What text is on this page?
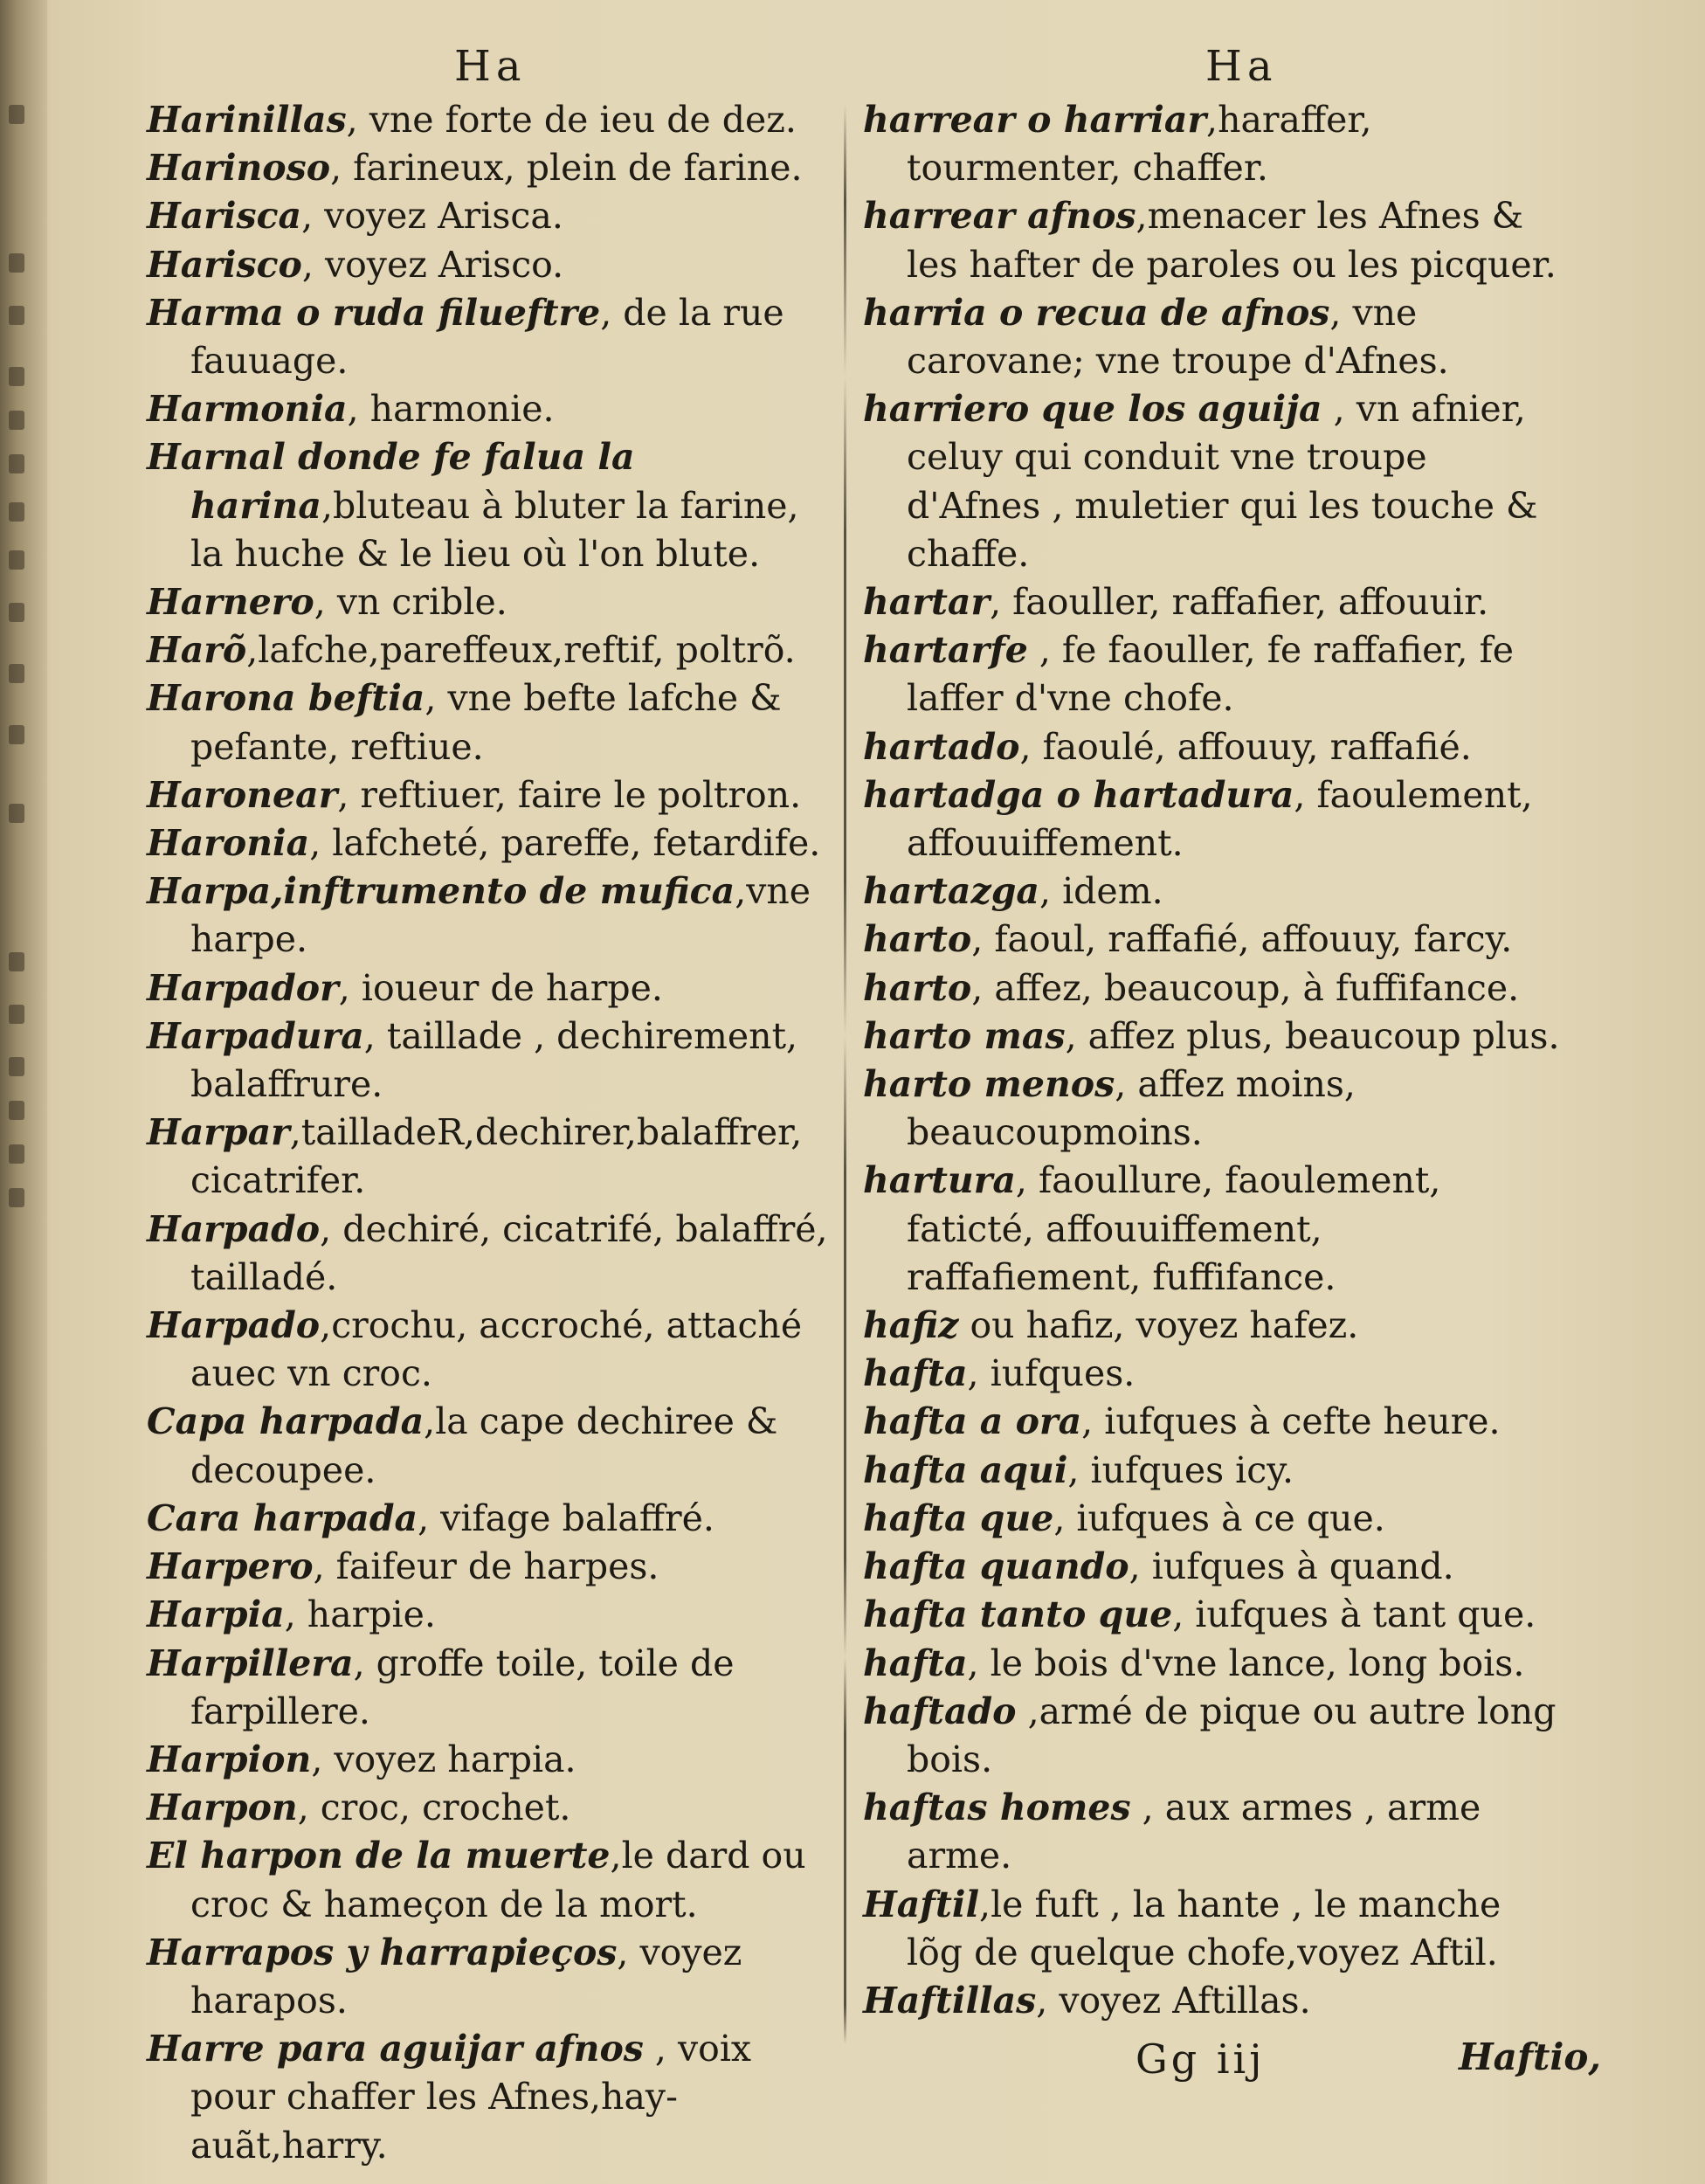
Ha	Ha
Harinillas, vne forte de ieu de dez.
Harinoso, farineux, plein de farine.
Harisca, voyez Arisca.
Harisco, voyez Arisco.
Harma o ruda filueftre, de la rue fauuage.
Harmonia, harmonie.
Harnal donde fe falua la harina,bluteau à bluter la farine, la huche & le lieu où l'on blute.
Harnero, vn crible.
Harõ,lafche,pareffeux,reftif, poltrõ.
Harona beftia, vne befte lafche & pefante, reftiue.
Haronear, reftiuer, faire le poltron.
Haronia, lafcheté, pareffe, fetardife.
Harpa,inftrumento de mufica,vne harpe.
Harpador, ioueur de harpe.
Harpadura, taillade , dechirement, balaffrure.
Harpar,tailladeR,dechirer,balaffrer, cicatrifer.
Harpado, dechiré, cicatrifé, balaffré, tailladé.
Harpado,crochu, accroché, attaché auec vn croc.
Capa harpada,la cape dechiree & decoupee.
Cara harpada, vifage balaffré.
Harpero, faifeur de harpes.
Harpia, harpie.
Harpillera, groffe toile, toile de farpillere.
Harpion, voyez harpia.
Harpon, croc, crochet.
El harpon de la muerte,le dard ou croc & hameçon de la mort.
Harrapos y harrapieços, voyez harapos.
Harre para aguijar afnos , voix pour chaffer les Afnes,hay-auãt,harry.
harrear o harriar,haraffer, tourmenter, chaffer.
harrear afnos,menacer les Afnes & les hafter de paroles ou les picquer.
harria o recua de afnos, vne carovane; vne troupe d'Afnes.
harriero que los aguija , vn afnier, celuy qui conduit vne troupe d'Afnes , muletier qui les touche & chaffe.
hartar, faouller, raffafier, affouuir.
hartarfe , fe faouller, fe raffafier, fe laffer d'vne chofe.
hartado, faoulé, affouuy, raffafié.
hartadga o hartadura, faoulement, affouuiffement.
hartazga, idem.
harto, faoul, raffafié, affouuy, farcy.
harto, affez, beaucoup, à fuffifance.
harto mas, affez plus, beaucoup plus.
harto menos, affez moins, beaucoupmoins.
hartura, faoullure, faoulement, faticté, affouuiffement, raffafiement, fuffifance.
hafiz ou hafiz, voyez hafez.
hafta, iufques.
hafta a ora, iufques à cefte heure.
hafta aqui, iufques icy.
hafta que, iufques à ce que.
hafta quando, iufques à quand.
hafta tanto que, iufques à tant que.
hafta, le bois d'vne lance, long bois.
haftado ,armé de pique ou autre long bois.
haftas homes , aux armes , arme arme.
Haftil,le fuft , la hante , le manche lõg de quelque chofe,voyez Aftil.
Haftillas, voyez Aftillas.
Gg iij	Haftio,
